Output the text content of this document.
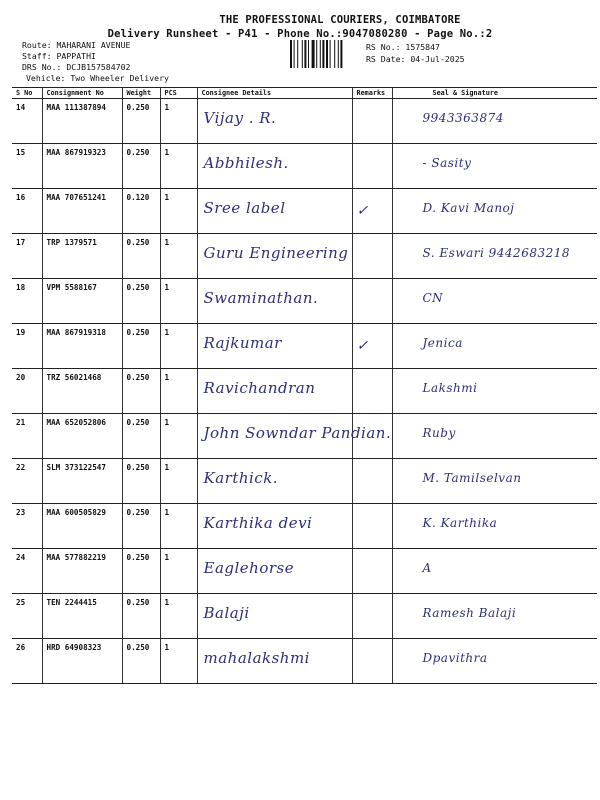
THE PROFESSIONAL COURIERS, COIMBATORE
Delivery Runsheet - P41 - Phone No.:9047080280 - Page No.:2
Route: MAHARANI AVENUE
Staff: PAPPATHI
DRS No.: DCJB157584702
Vehicle: Two Wheeler Delivery
RS No.: 1575847
RS Date: 04-Jul-2025
S No	Consignment No	Weight	PCS	Consignee Details	Remarks	Seal & Signature
14	MAA 111387894	0.250	1	Vijay . R.		9943363874

15	MAA 867919323	0.250	1	Abbhilesh.		- Sasity

16	MAA 707651241	0.120	1	Sree label	✓	D. Kavi Manoj

17	TRP 1379571	0.250	1	Guru Engineering		S. Eswari 9442683218

18	VPM 5588167	0.250	1	Swaminathan.		CN

19	MAA 867919318	0.250	1	Rajkumar	✓	Jenica

20	TRZ 56021468	0.250	1	Ravichandran		Lakshmi

21	MAA 652052806	0.250	1	John Sowndar Pandian.		Ruby

22	SLM 373122547	0.250	1	Karthick.		M. Tamilselvan

23	MAA 600505829	0.250	1	Karthika devi		K. Karthika

24	MAA 577882219	0.250	1	Eaglehorse		A

25	TEN 2244415	0.250	1	Balaji		Ramesh Balaji

26	HRD 64908323	0.250	1	mahalakshmi		Dpavithra
